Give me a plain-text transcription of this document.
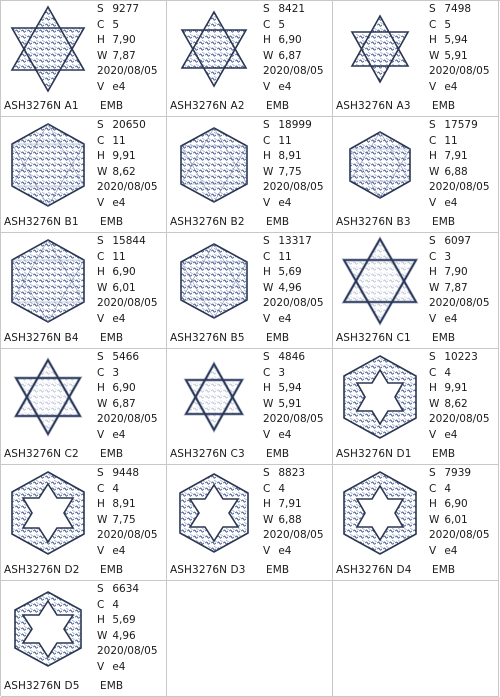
S 9277
C 5
H 7,90
W 7,87
2020/08/05
V e4
ASH3276N A1 EMB
S 8421
C 5
H 6,90
W 6,87
2020/08/05
V e4
ASH3276N A2 EMB
S 7498
C 5
H 5,94
W 5,91
2020/08/05
V e4
ASH3276N A3 EMB
S 20650
C 11
H 9,91
W 8,62
2020/08/05
V e4
ASH3276N B1 EMB
S 18999
C 11
H 8,91
W 7,75
2020/08/05
V e4
ASH3276N B2 EMB
S 17579
C 11
H 7,91
W 6,88
2020/08/05
V e4
ASH3276N B3 EMB
S 15844
C 11
H 6,90
W 6,01
2020/08/05
V e4
ASH3276N B4 EMB
S 13317
C 11
H 5,69
W 4,96
2020/08/05
V e4
ASH3276N B5 EMB
S 6097
C 3
H 7,90
W 7,87
2020/08/05
V e4
ASH3276N C1 EMB
S 5466
C 3
H 6,90
W 6,87
2020/08/05
V e4
ASH3276N C2 EMB
S 4846
C 3
H 5,94
W 5,91
2020/08/05
V e4
ASH3276N C3 EMB
S 10223
C 4
H 9,91
W 8,62
2020/08/05
V e4
ASH3276N D1 EMB
S 9448
C 4
H 8,91
W 7,75
2020/08/05
V e4
ASH3276N D2 EMB
S 8823
C 4
H 7,91
W 6,88
2020/08/05
V e4
ASH3276N D3 EMB
S 7939
C 4
H 6,90
W 6,01
2020/08/05
V e4
ASH3276N D4 EMB
S 6634
C 4
H 5,69
W 4,96
2020/08/05
V e4
ASH3276N D5 EMB
